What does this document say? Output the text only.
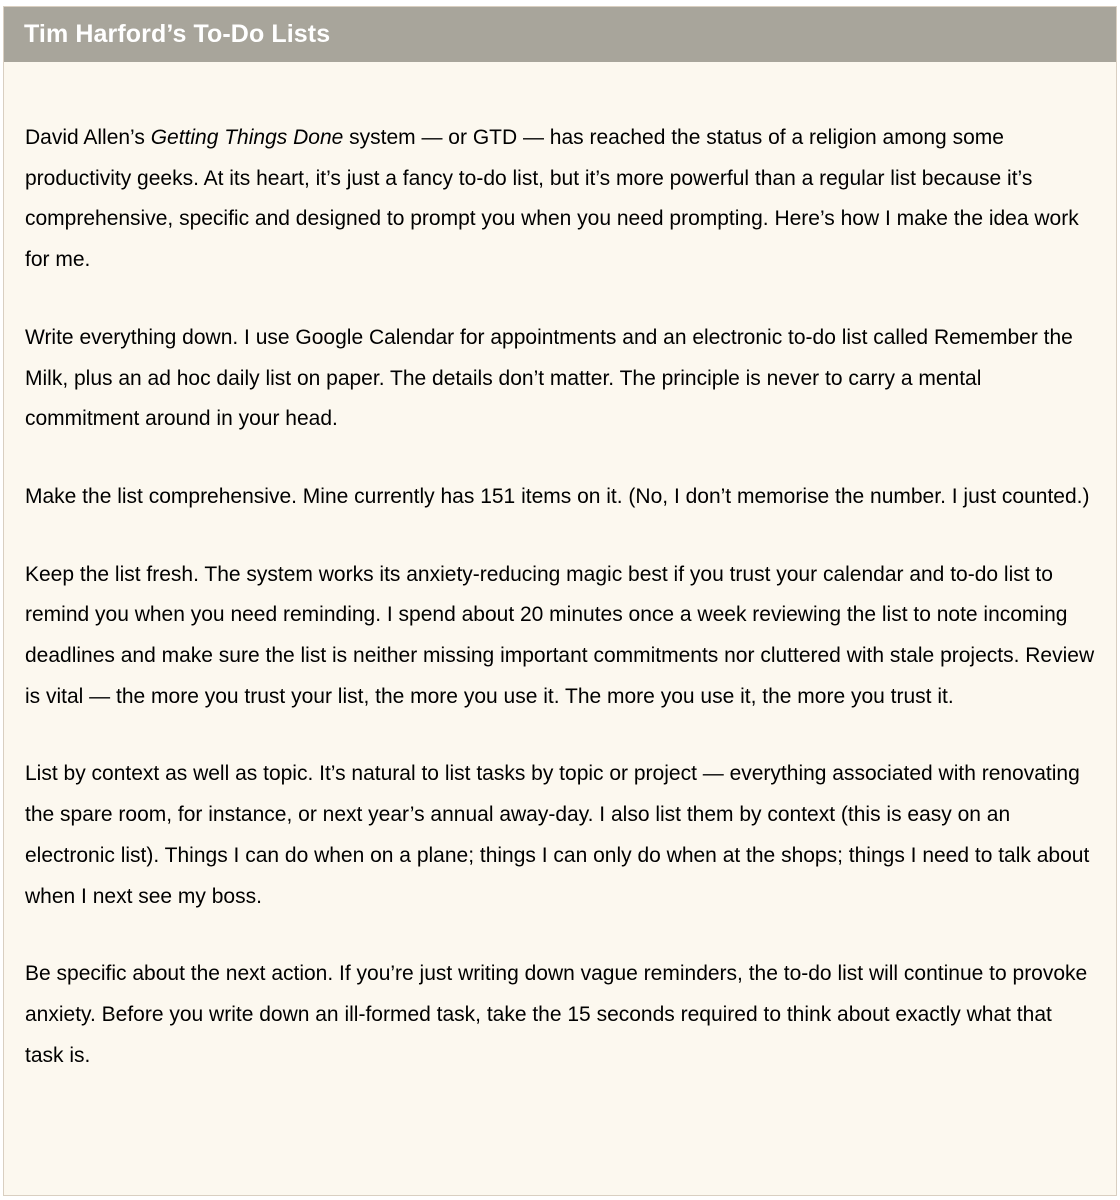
Tim Harford’s To-Do Lists

David Allen’s Getting Things Done system — or GTD — has reached the status of a religion among some productivity geeks. At its heart, it’s just a fancy to-do list, but it’s more powerful than a regular list because it’s comprehensive, specific and designed to prompt you when you need prompting. Here’s how I make the idea work for me.

Write everything down. I use Google Calendar for appointments and an electronic to-do list called Remember the Milk, plus an ad hoc daily list on paper. The details don’t matter. The principle is never to carry a mental commitment around in your head.

Make the list comprehensive. Mine currently has 151 items on it. (No, I don’t memorise the number. I just counted.)

Keep the list fresh. The system works its anxiety-reducing magic best if you trust your calendar and to-do list to remind you when you need reminding. I spend about 20 minutes once a week reviewing the list to note incoming deadlines and make sure the list is neither missing important commitments nor cluttered with stale projects. Review is vital — the more you trust your list, the more you use it. The more you use it, the more you trust it.

List by context as well as topic. It’s natural to list tasks by topic or project — everything associated with renovating the spare room, for instance, or next year’s annual away-day. I also list them by context (this is easy on an electronic list). Things I can do when on a plane; things I can only do when at the shops; things I need to talk about when I next see my boss.

Be specific about the next action. If you’re just writing down vague reminders, the to-do list will continue to provoke anxiety. Before you write down an ill-formed task, take the 15 seconds required to think about exactly what that task is.
